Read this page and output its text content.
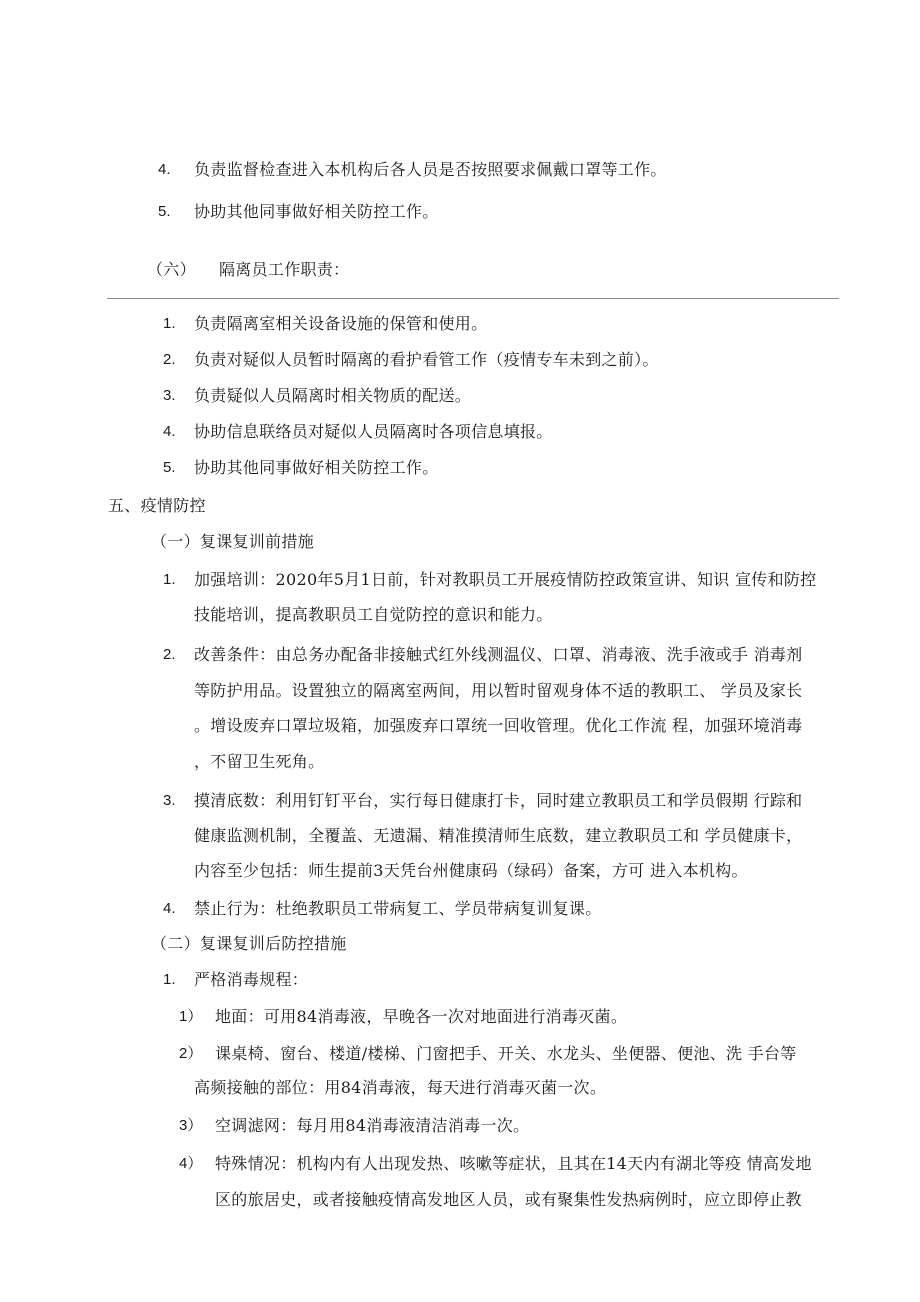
4. 负责监督检查进入本机构后各人员是否按照要求佩戴口罩等工作。
5. 协助其他同事做好相关防控工作。
（六） 隔离员工作职责：
1. 负责隔离室相关设备设施的保管和使用。
2. 负责对疑似人员暂时隔离的看护看管工作（疫情专车未到之前）。
3. 负责疑似人员隔离时相关物质的配送。
4. 协助信息联络员对疑似人员隔离时各项信息填报。
5. 协助其他同事做好相关防控工作。
五、疫情防控
（一）复课复训前措施
1. 加强培训：2020年5月1日前，针对教职员工开展疫情防控政策宣讲、知识 宣传和防控
技能培训，提高教职员工自觉防控的意识和能力。
2. 改善条件：由总务办配备非接触式红外线测温仪、口罩、消毒液、洗手液或手 消毒剂
等防护用品。设置独立的隔离室两间，用以暂时留观身体不适的教职工、 学员及家长
。增设废弃口罩垃圾箱，加强废弃口罩统一回收管理。优化工作流 程，加强环境消毒
，不留卫生死角。
3. 摸清底数：利用钉钉平台，实行每日健康打卡，同时建立教职员工和学员假期 行踪和
健康监测机制，全覆盖、无遗漏、精准摸清师生底数，建立教职员工和 学员健康卡，
内容至少包括：师生提前3天凭台州健康码（绿码）备案，方可 进入本机构。
4. 禁止行为：杜绝教职员工带病复工、学员带病复训复课。
（二）复课复训后防控措施
1. 严格消毒规程：
1） 地面：可用84消毒液，早晚各一次对地面进行消毒灭菌。
2） 课桌椅、窗台、楼道/楼梯、门窗把手、开关、水龙头、坐便器、便池、洗 手台等
高频接触的部位：用84消毒液，每天进行消毒灭菌一次。
3） 空调滤网：每月用84消毒液清洁消毒一次。
4） 特殊情况：机构内有人出现发热、咳嗽等症状，且其在14天内有湖北等疫 情高发地
区的旅居史，或者接触疫情高发地区人员，或有聚集性发热病例时，应立即停止教
